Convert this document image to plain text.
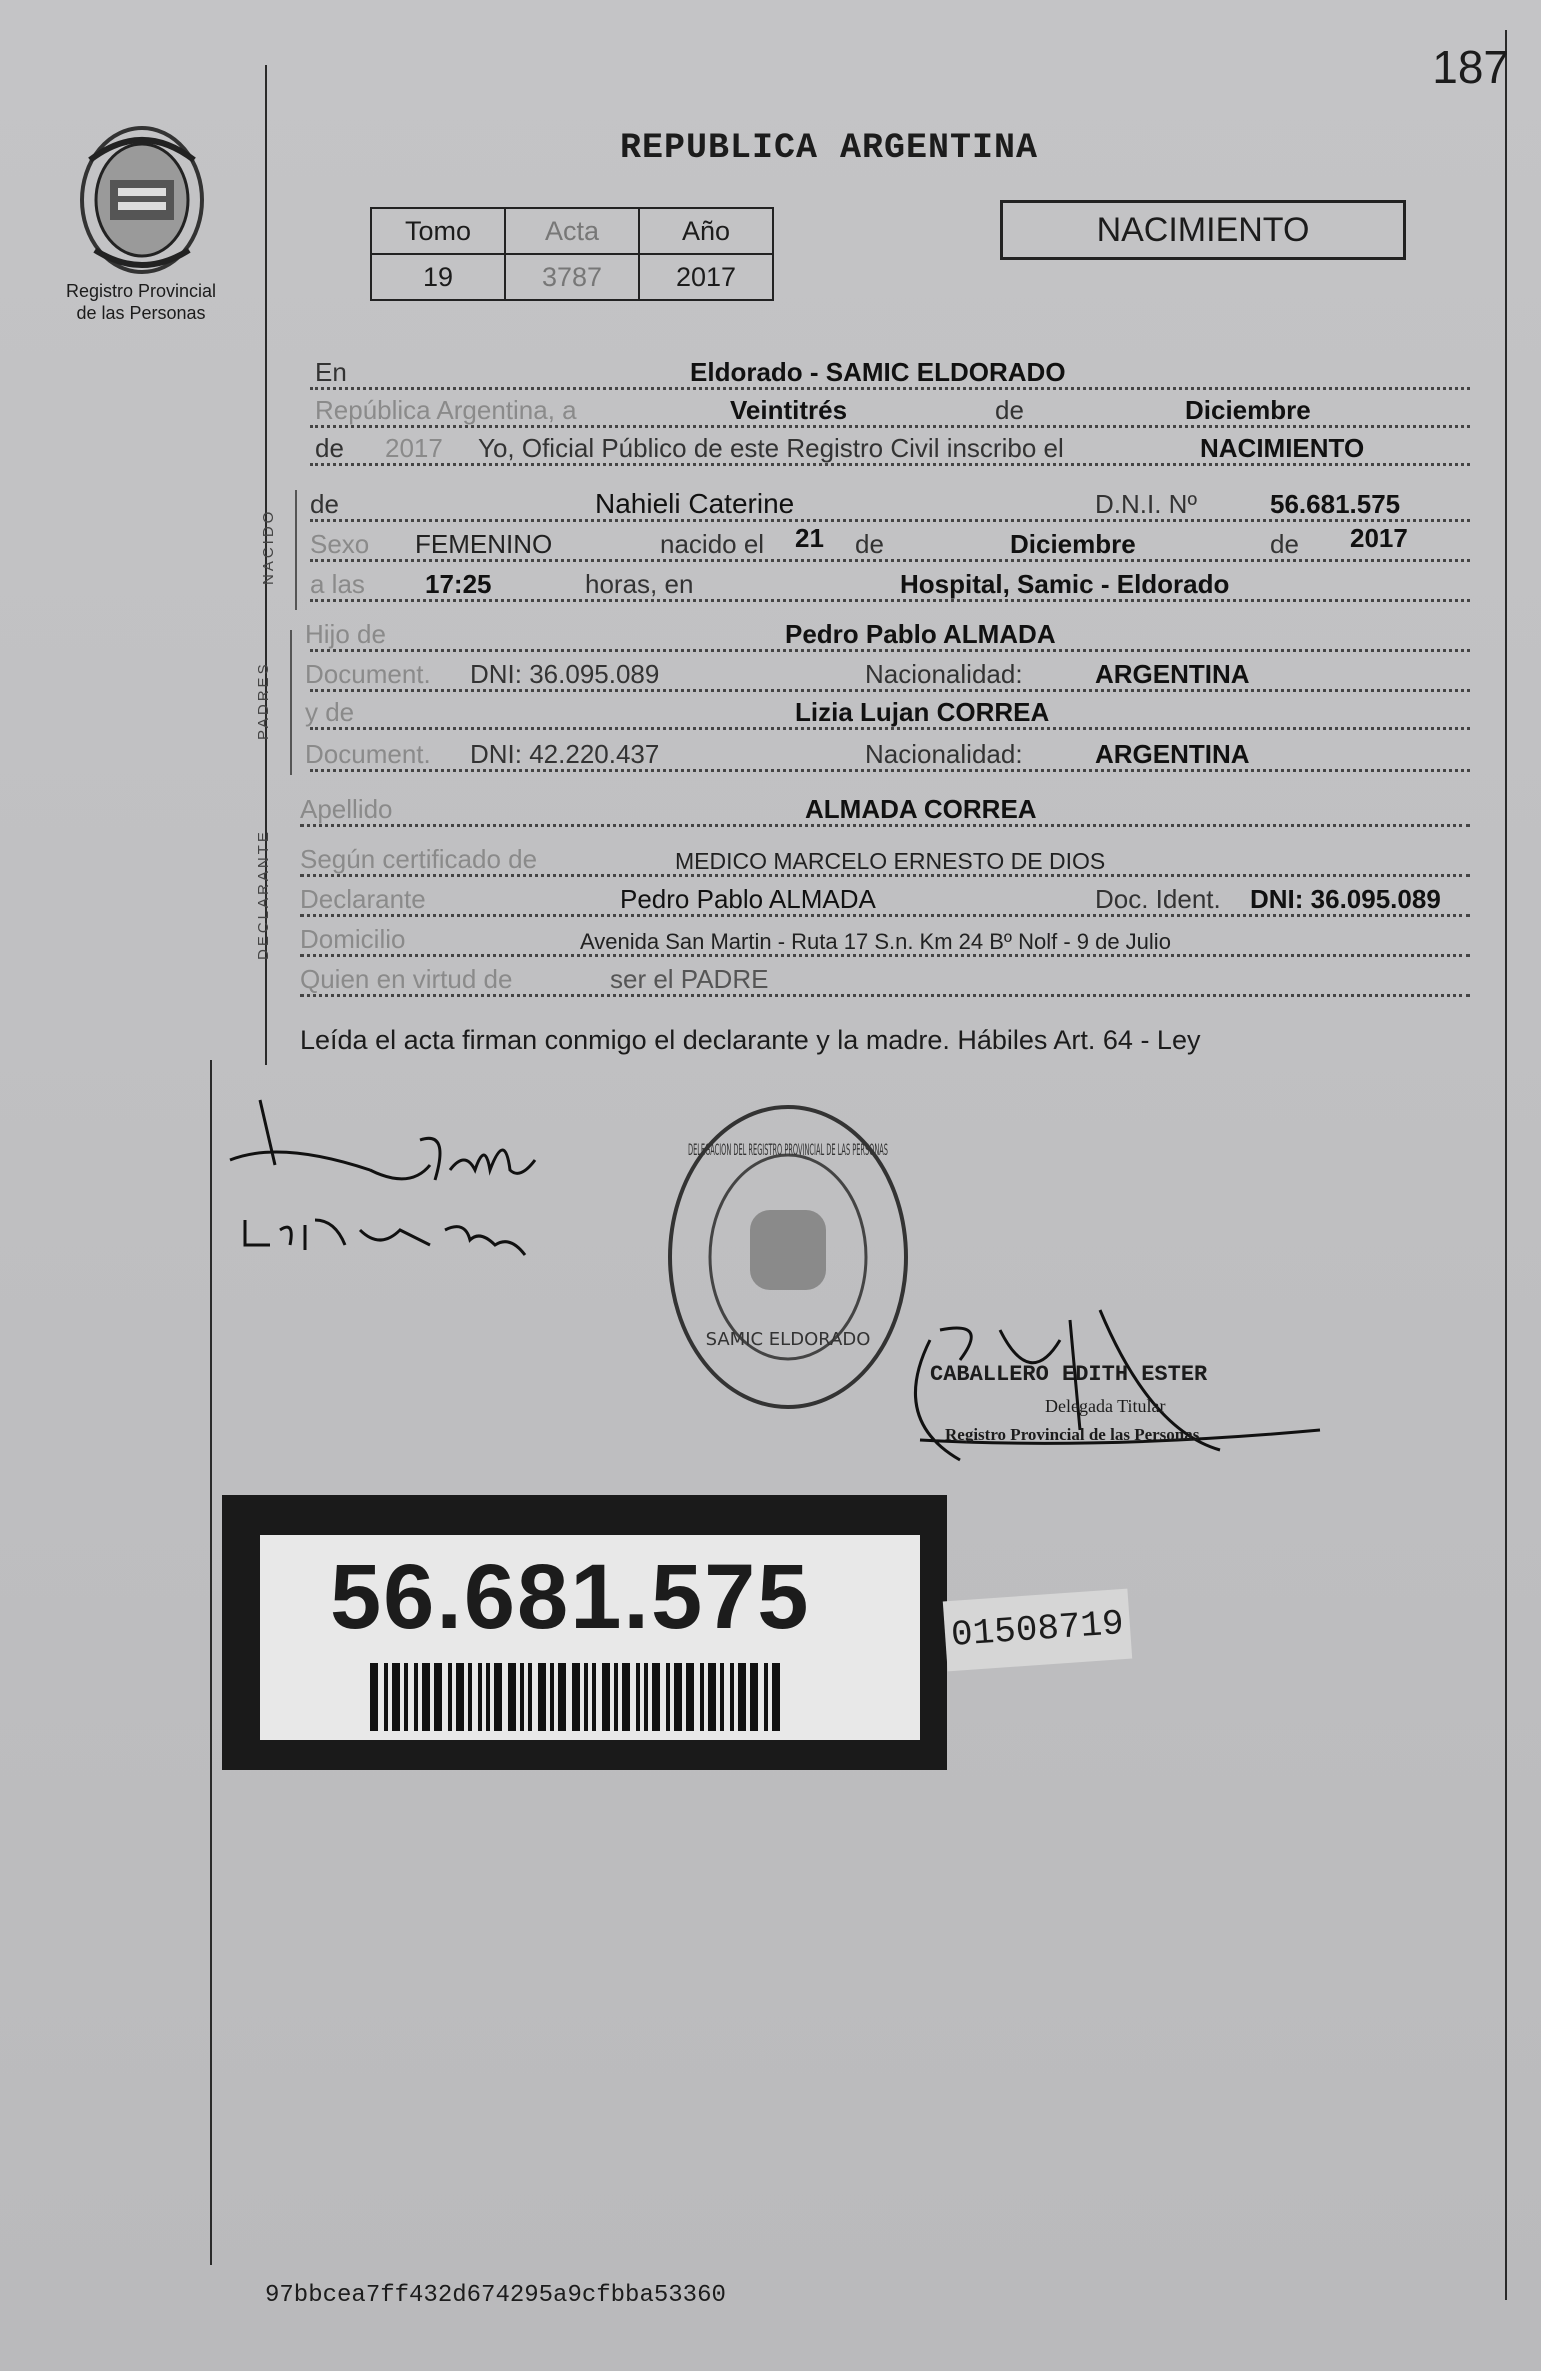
187
Registro Provincial
de las Personas
REPUBLICA ARGENTINA
Tomo	Acta	Año
19	3787	2017
NACIMIENTO
En	Eldorado - SAMIC ELDORADO
República Argentina, a	Veintitrés	de	Diciembre
de 2017 Yo, Oficial Público de este Registro Civil inscribo el	NACIMIENTO
NACIDO
de	Nahieli Caterine	D.N.I. Nº	56.681.575
Sexo FEMENINO	nacido el 21 de	Diciembre	de 2017
a las 17:25	horas, en	Hospital, Samic - Eldorado
PADRES
Hijo de	Pedro Pablo ALMADA
Document. DNI: 36.095.089	Nacionalidad:	ARGENTINA
y de	Lizia Lujan CORREA
Document. DNI: 42.220.437	Nacionalidad:	ARGENTINA
Apellido	ALMADA CORREA
DECLARANTE Según certificado de	MEDICO MARCELO ERNESTO DE DIOS
Declarante	Pedro Pablo ALMADA	Doc. Ident. DNI: 36.095.089
Domicilio	Avenida San Martin - Ruta 17 S.n. Km 24 Bº Nolf - 9 de Julio
Quien en virtud de	ser el PADRE
Leída el acta firman conmigo el declarante y la madre. Hábiles Art. 64 - Ley
DELEGACION DEL REGISTRO PROVINCIAL DE LAS PERSONAS
SAMIC ELDORADO
CABALLERO EDITH ESTER
Delegada Titular
Registro Provincial de las Personas
56.681.575	01508719
97bbcea7ff432d674295a9cfbba53360
